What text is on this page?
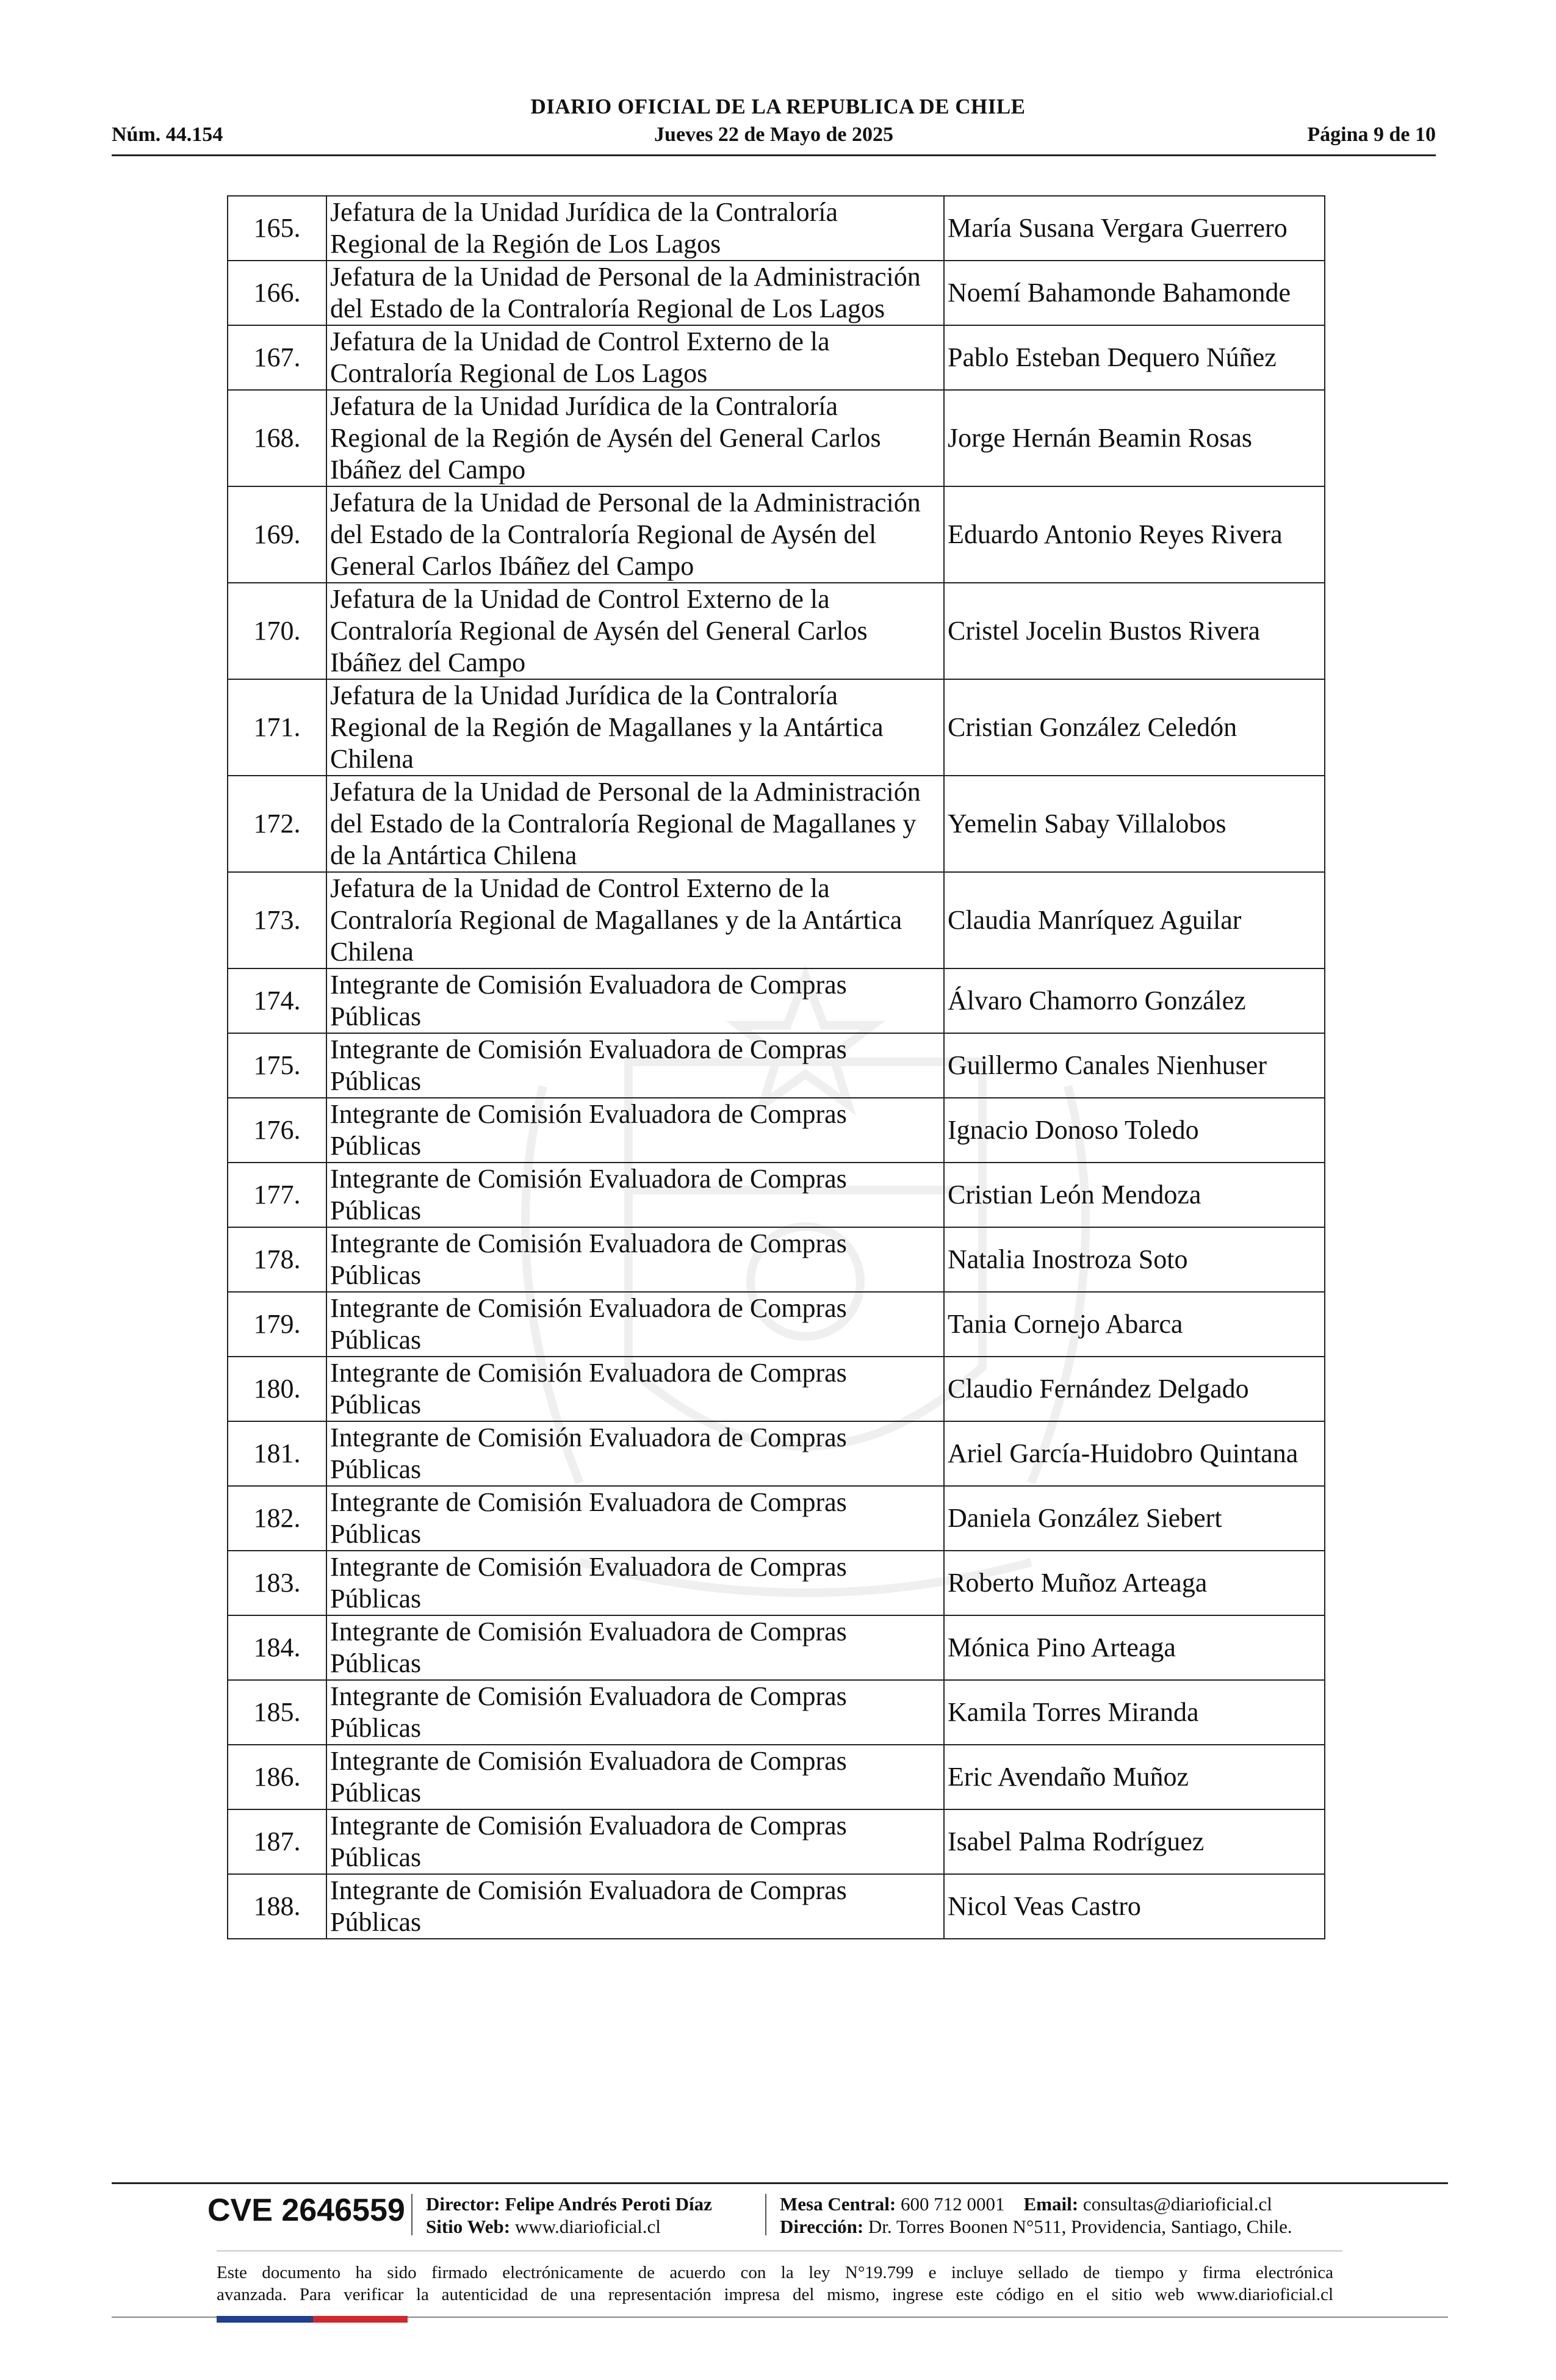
DIARIO OFICIAL DE LA REPUBLICA DE CHILE
Jueves 22 de Mayo de 2025
Núm. 44.154	Página 9 de 10
165.	Jefatura de la Unidad Jurídica de la Contraloría Regional de la Región de Los Lagos	María Susana Vergara Guerrero
166.	Jefatura de la Unidad de Personal de la Administración del Estado de la Contraloría Regional de Los Lagos	Noemí Bahamonde Bahamonde
167.	Jefatura de la Unidad de Control Externo de la Contraloría Regional de Los Lagos	Pablo Esteban Dequero Núñez
168.	Jefatura de la Unidad Jurídica de la Contraloría Regional de la Región de Aysén del General Carlos Ibáñez del Campo	Jorge Hernán Beamin Rosas
169.	Jefatura de la Unidad de Personal de la Administración del Estado de la Contraloría Regional de Aysén del General Carlos Ibáñez del Campo	Eduardo Antonio Reyes Rivera
170.	Jefatura de la Unidad de Control Externo de la Contraloría Regional de Aysén del General Carlos Ibáñez del Campo	Cristel Jocelin Bustos Rivera
171.	Jefatura de la Unidad Jurídica de la Contraloría Regional de la Región de Magallanes y la Antártica Chilena	Cristian González Celedón
172.	Jefatura de la Unidad de Personal de la Administración del Estado de la Contraloría Regional de Magallanes y de la Antártica Chilena	Yemelin Sabay Villalobos
173.	Jefatura de la Unidad de Control Externo de la Contraloría Regional de Magallanes y de la Antártica Chilena	Claudia Manríquez Aguilar
174.	Integrante de Comisión Evaluadora de Compras Públicas	Álvaro Chamorro González
175.	Integrante de Comisión Evaluadora de Compras Públicas	Guillermo Canales Nienhuser
176.	Integrante de Comisión Evaluadora de Compras Públicas	Ignacio Donoso Toledo
177.	Integrante de Comisión Evaluadora de Compras Públicas	Cristian León Mendoza
178.	Integrante de Comisión Evaluadora de Compras Públicas	Natalia Inostroza Soto
179.	Integrante de Comisión Evaluadora de Compras Públicas	Tania Cornejo Abarca
180.	Integrante de Comisión Evaluadora de Compras Públicas	Claudio Fernández Delgado
181.	Integrante de Comisión Evaluadora de Compras Públicas	Ariel García-Huidobro Quintana
182.	Integrante de Comisión Evaluadora de Compras Públicas	Daniela González Siebert
183.	Integrante de Comisión Evaluadora de Compras Públicas	Roberto Muñoz Arteaga
184.	Integrante de Comisión Evaluadora de Compras Públicas	Mónica Pino Arteaga
185.	Integrante de Comisión Evaluadora de Compras Públicas	Kamila Torres Miranda
186.	Integrante de Comisión Evaluadora de Compras Públicas	Eric Avendaño Muñoz
187.	Integrante de Comisión Evaluadora de Compras Públicas	Isabel Palma Rodríguez
188.	Integrante de Comisión Evaluadora de Compras Públicas	Nicol Veas Castro
CVE 2646559 Director: Felipe Andrés Peroti Díaz
Sitio Web: www.diarioficial.cl
Mesa Central: 600 712 0001 Email: consultas@diarioficial.cl
Dirección: Dr. Torres Boonen N°511, Providencia, Santiago, Chile.
Este documento ha sido firmado electrónicamente de acuerdo con la ley N°19.799 e incluye sellado de tiempo y firma electrónica
avanzada. Para verificar la autenticidad de una representación impresa del mismo, ingrese este código en el sitio web www.diarioficial.cl
